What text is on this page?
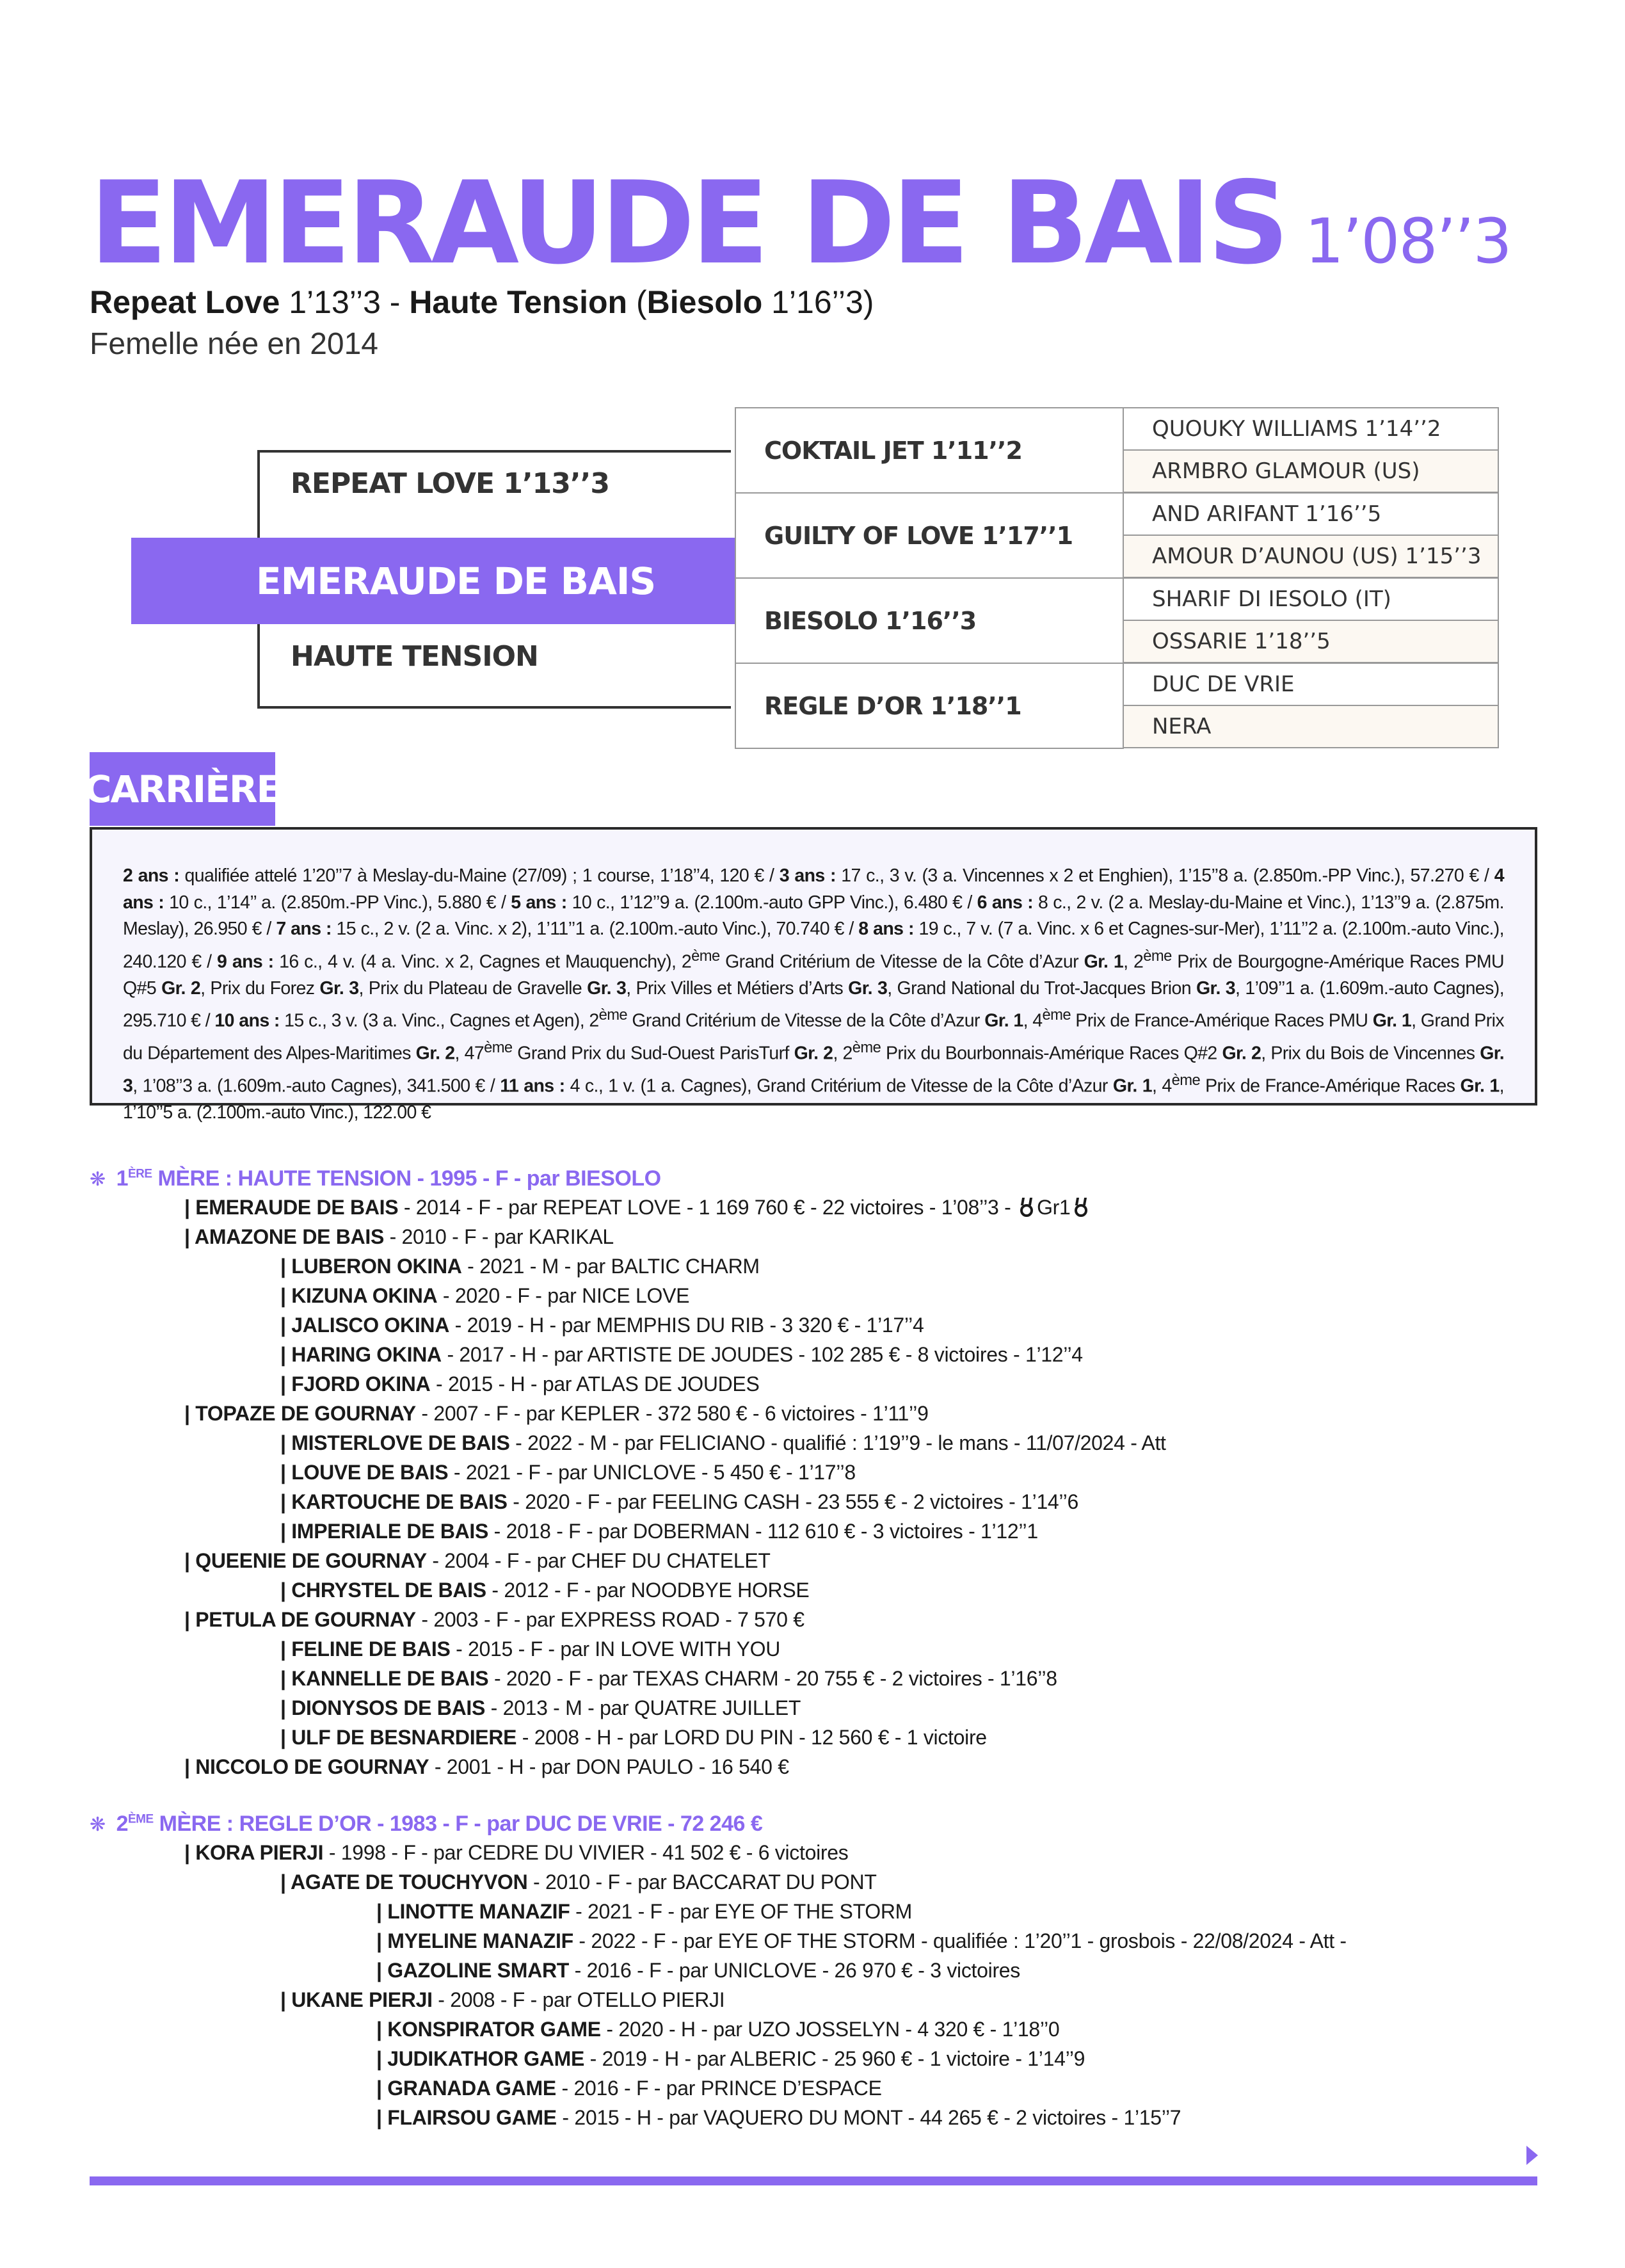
EMERAUDE DE BAIS 1’08’’3
Repeat Love 1’13’’3 - Haute Tension (Biesolo 1’16’’3)
Femelle née en 2014
REPEAT LOVE 1’13’’3
EMERAUDE DE BAIS
HAUTE TENSION
COKTAIL JET 1’11’’2
GUILTY OF LOVE 1’17’’1
BIESOLO 1’16’’3
REGLE D’OR 1’18’’1
QUOUKY WILLIAMS 1’14’’2
ARMBRO GLAMOUR (US)
AND ARIFANT 1’16’’5
AMOUR D’AUNOU (US) 1’15’’3
SHARIF DI IESOLO (IT)
OSSARIE 1’18’’5
DUC DE VRIE
NERA
CARRIÈRE
2 ans : qualifiée attelé 1’20’’7 à Meslay-du-Maine (27/09) ; 1 course, 1’18’’4, 120 € / 3 ans : 17 c., 3 v. (3 a. Vincennes x 2 et Enghien), 1’15’’8 a. (2.850m.-PP Vinc.), 57.270 € / 4 ans : 10 c., 1’14’’ a. (2.850m.-PP Vinc.), 5.880 € / 5 ans : 10 c., 1’12’’9 a. (2.100m.-auto GPP Vinc.), 6.480 € / 6 ans : 8 c., 2 v. (2 a. Meslay-du-Maine et Vinc.), 1’13’’9 a. (2.875m. Meslay), 26.950 € / 7 ans : 15 c., 2 v. (2 a. Vinc. x 2), 1’11’’1 a. (2.100m.-auto Vinc.), 70.740 € / 8 ans : 19 c., 7 v. (7 a. Vinc. x 6 et Cagnes-sur-Mer), 1’11’’2 a. (2.100m.-auto Vinc.), 240.120 € / 9 ans : 16 c., 4 v. (4 a. Vinc. x 2, Cagnes et Mauquenchy), 2ème Grand Critérium de Vitesse de la Côte d’Azur Gr. 1, 2ème Prix de Bourgogne-Amérique Races PMU Q#5 Gr. 2, Prix du Forez Gr. 3, Prix du Plateau de Gravelle Gr. 3, Prix Villes et Métiers d’Arts Gr. 3, Grand National du Trot-Jacques Brion Gr. 3, 1’09’’1 a. (1.609m.-auto Cagnes), 295.710 € / 10 ans : 15 c., 3 v. (3 a. Vinc., Cagnes et Agen), 2ème Grand Critérium de Vitesse de la Côte d’Azur Gr. 1, 4ème Prix de France-Amérique Races PMU Gr. 1, Grand Prix du Département des Alpes-Maritimes Gr. 2, 47ème Grand Prix du Sud-Ouest ParisTurf Gr. 2, 2ème Prix du Bourbonnais-Amérique Races Q#2 Gr. 2, Prix du Bois de Vincennes Gr. 3, 1’08’’3 a. (1.609m.-auto Cagnes), 341.500 € / 11 ans : 4 c., 1 v. (1 a. Cagnes), Grand Critérium de Vitesse de la Côte d’Azur Gr. 1, 4ème Prix de France-Amérique Races Gr. 1, 1’10’’5 a. (2.100m.-auto Vinc.), 122.00 €
❋ 1ÈRE MÈRE : HAUTE TENSION - 1995 - F - par BIESOLO
| EMERAUDE DE BAIS - 2014 - F - par REPEAT LOVE - 1 169 760 € - 22 victoires - 1’08’’3 - Gr1
| AMAZONE DE BAIS - 2010 - F - par KARIKAL
| LUBERON OKINA - 2021 - M - par BALTIC CHARM
| KIZUNA OKINA - 2020 - F - par NICE LOVE
| JALISCO OKINA - 2019 - H - par MEMPHIS DU RIB - 3 320 € - 1’17’’4
| HARING OKINA - 2017 - H - par ARTISTE DE JOUDES - 102 285 € - 8 victoires - 1’12’’4
| FJORD OKINA - 2015 - H - par ATLAS DE JOUDES
| TOPAZE DE GOURNAY - 2007 - F - par KEPLER - 372 580 € - 6 victoires - 1’11’’9
| MISTERLOVE DE BAIS - 2022 - M - par FELICIANO - qualifié : 1’19’’9 - le mans - 11/07/2024 - Att
| LOUVE DE BAIS - 2021 - F - par UNICLOVE - 5 450 € - 1’17’’8
| KARTOUCHE DE BAIS - 2020 - F - par FEELING CASH - 23 555 € - 2 victoires - 1’14’’6
| IMPERIALE DE BAIS - 2018 - F - par DOBERMAN - 112 610 € - 3 victoires - 1’12’’1
| QUEENIE DE GOURNAY - 2004 - F - par CHEF DU CHATELET
| CHRYSTEL DE BAIS - 2012 - F - par NOODBYE HORSE
| PETULA DE GOURNAY - 2003 - F - par EXPRESS ROAD - 7 570 €
| FELINE DE BAIS - 2015 - F - par IN LOVE WITH YOU
| KANNELLE DE BAIS - 2020 - F - par TEXAS CHARM - 20 755 € - 2 victoires - 1’16’’8
| DIONYSOS DE BAIS - 2013 - M - par QUATRE JUILLET
| ULF DE BESNARDIERE - 2008 - H - par LORD DU PIN - 12 560 € - 1 victoire
| NICCOLO DE GOURNAY - 2001 - H - par DON PAULO - 16 540 €
❋ 2ÈME MÈRE : REGLE D’OR - 1983 - F - par DUC DE VRIE - 72 246 €
| KORA PIERJI - 1998 - F - par CEDRE DU VIVIER - 41 502 € - 6 victoires
| AGATE DE TOUCHYVON - 2010 - F - par BACCARAT DU PONT
| LINOTTE MANAZIF - 2021 - F - par EYE OF THE STORM
| MYELINE MANAZIF - 2022 - F - par EYE OF THE STORM - qualifiée : 1’20’’1 - grosbois - 22/08/2024 - Att -
| GAZOLINE SMART - 2016 - F - par UNICLOVE - 26 970 € - 3 victoires
| UKANE PIERJI - 2008 - F - par OTELLO PIERJI
| KONSPIRATOR GAME - 2020 - H - par UZO JOSSELYN - 4 320 € - 1’18’’0
| JUDIKATHOR GAME - 2019 - H - par ALBERIC - 25 960 € - 1 victoire - 1’14’’9
| GRANADA GAME - 2016 - F - par PRINCE D’ESPACE
| FLAIRSOU GAME - 2015 - H - par VAQUERO DU MONT - 44 265 € - 2 victoires - 1’15’’7
